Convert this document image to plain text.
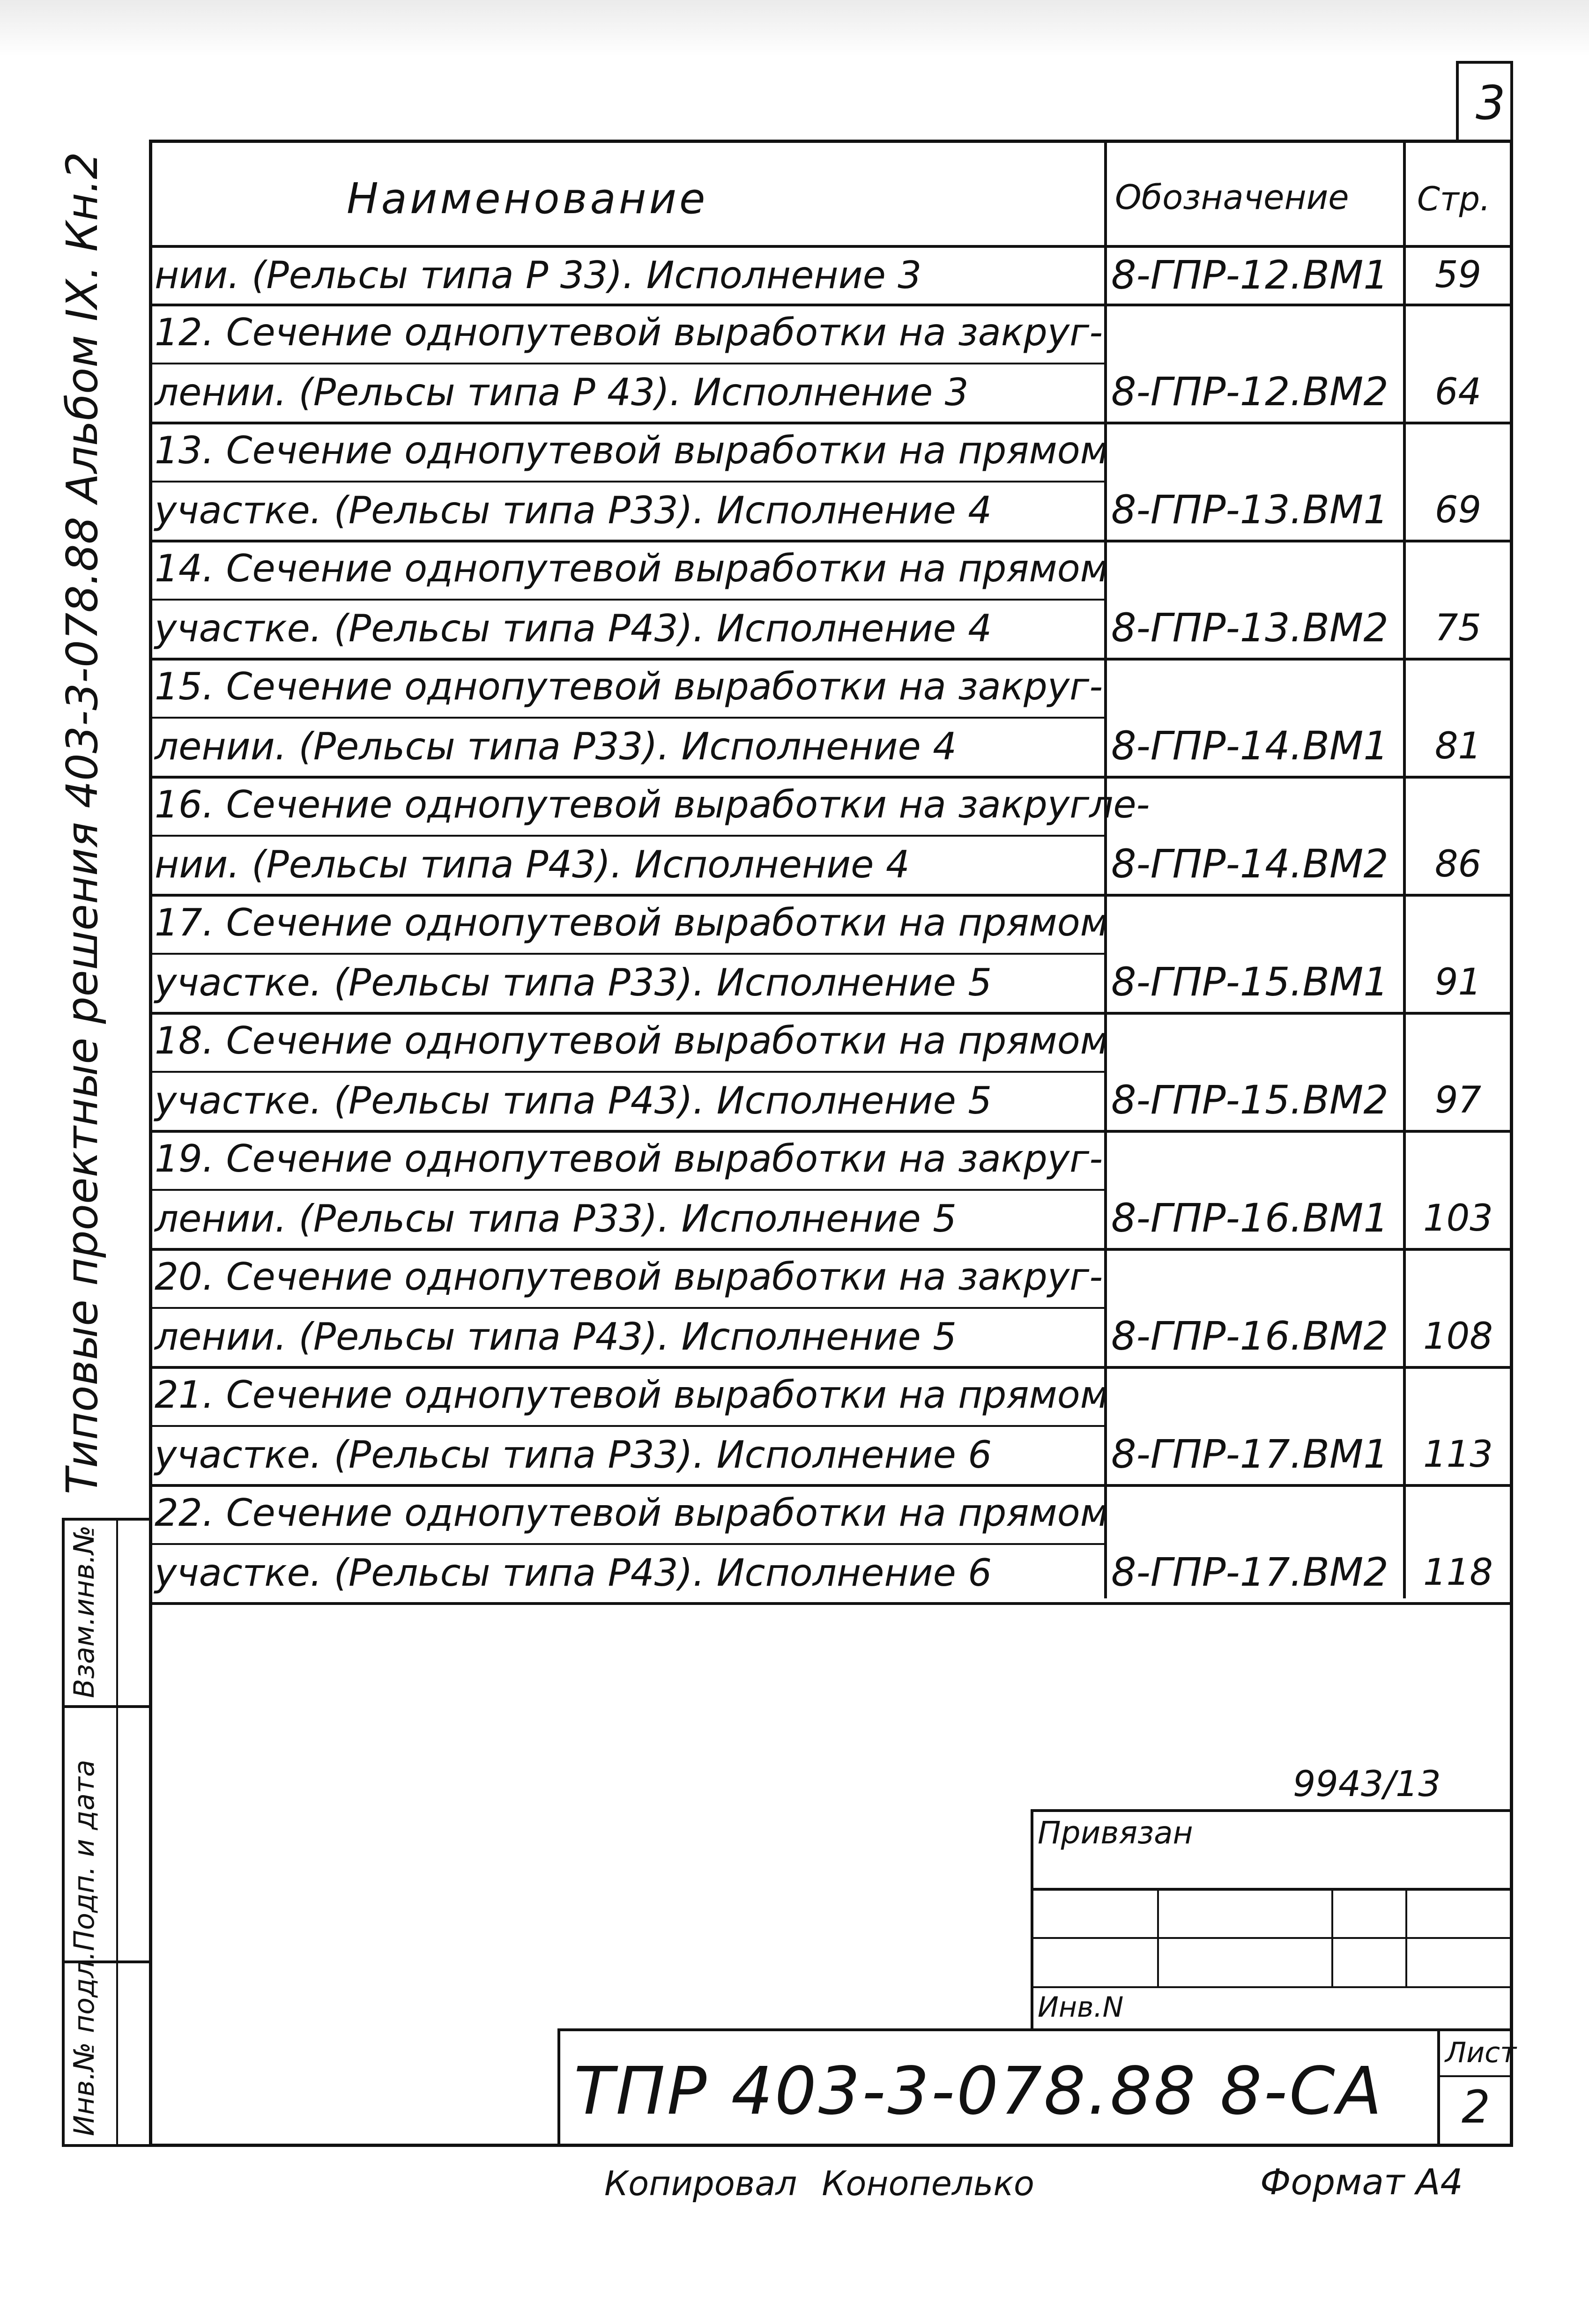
3
Наименование	Обозначение Стр.
нии. (Рельсы типа Р 33). Исполнение 3	8-ГПР-12.ВМ1	59
12. Сечение однопутевой выработки на закруг-
лении. (Рельсы типа Р 43). Исполнение 3	8-ГПР-12.ВМ2	64
13. Сечение однопутевой выработки на прямом
участке. (Рельсы типа Р33). Исполнение 4	8-ГПР-13.ВМ1	69
14. Сечение однопутевой выработки на прямом
участке. (Рельсы типа Р43). Исполнение 4	8-ГПР-13.ВМ2	75
15. Сечение однопутевой выработки на закруг-
лении. (Рельсы типа Р33). Исполнение 4	8-ГПР-14.ВМ1	81
16. Сечение однопутевой выработки на закругле-
нии. (Рельсы типа Р43). Исполнение 4	8-ГПР-14.ВМ2	86
17. Сечение однопутевой выработки на прямом
участке. (Рельсы типа Р33). Исполнение 5	8-ГПР-15.ВМ1	91
18. Сечение однопутевой выработки на прямом
участке. (Рельсы типа Р43). Исполнение 5	8-ГПР-15.ВМ2	97
19. Сечение однопутевой выработки на закруг-
лении. (Рельсы типа Р33). Исполнение 5	8-ГПР-16.ВМ1 103
20. Сечение однопутевой выработки на закруг-
лении. (Рельсы типа Р43). Исполнение 5	8-ГПР-16.ВМ2 108
21. Сечение однопутевой выработки на прямом
участке. (Рельсы типа Р33). Исполнение 6	8-ГПР-17.ВМ1 113
22. Сечение однопутевой выработки на прямом
участке. (Рельсы типа Р43). Исполнение 6	8-ГПР-17.ВМ2 118
Типовые проектные решения 403-3-078.88 Альбом IX. Кн.2
Инв.№ подл.
Подп. и дата
Взам.инв.№
9943/13
Привязан
Инв.N
Лист
2
ТПР 403-3-078.88 8-СА
Копировал Конопелько	Формат А4
